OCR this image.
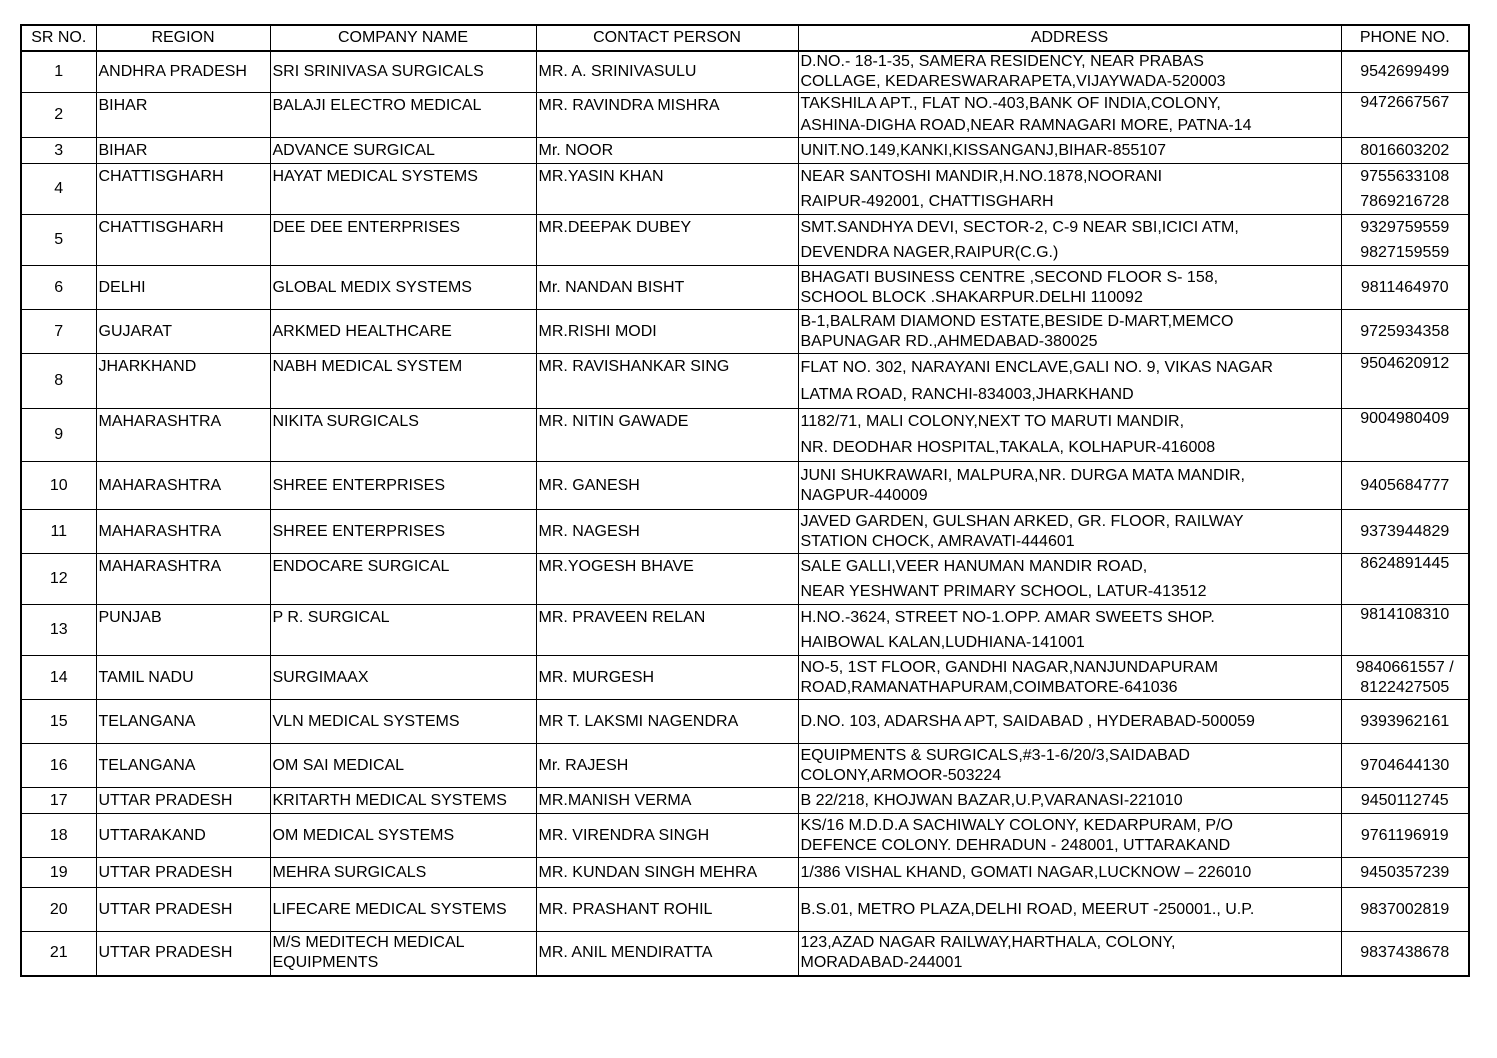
SR NO.	REGION	COMPANY NAME	CONTACT PERSON	ADDRESS	PHONE NO.
1	ANDHRA PRADESH	SRI SRINIVASA SURGICALS	MR. A. SRINIVASULU	D.NO.- 18-1-35, SAMERA RESIDENCY, NEAR PRABAS
COLLAGE, KEDARESWARARAPETA,VIJAYWADA-520003	9542699499

2	BIHAR	BALAJI ELECTRO MEDICAL	MR. RAVINDRA MISHRA	TAKSHILA APT., FLAT NO.-403,BANK OF INDIA,COLONY,
ASHINA-DIGHA ROAD,NEAR RAMNAGARI MORE, PATNA-14	9472667567

3	BIHAR	ADVANCE SURGICAL	Mr. NOOR	UNIT.NO.149,KANKI,KISSANGANJ,BIHAR-855107	8016603202

4	CHATTISGHARH	HAYAT MEDICAL SYSTEMS	MR.YASIN KHAN	NEAR SANTOSHI MANDIR,H.NO.1878,NOORANI
RAIPUR-492001, CHATTISGHARH	9755633108
7869216728

5	CHATTISGHARH	DEE DEE ENTERPRISES	MR.DEEPAK DUBEY	SMT.SANDHYA DEVI, SECTOR-2, C-9 NEAR SBI,ICICI ATM,
DEVENDRA NAGER,RAIPUR(C.G.)	9329759559
9827159559

6	DELHI	GLOBAL MEDIX SYSTEMS	Mr. NANDAN BISHT	BHAGATI BUSINESS CENTRE ,SECOND FLOOR S- 158,
SCHOOL BLOCK .SHAKARPUR.DELHI 110092	9811464970

7	GUJARAT	ARKMED HEALTHCARE	MR.RISHI MODI	B-1,BALRAM DIAMOND ESTATE,BESIDE D-MART,MEMCO
BAPUNAGAR RD.,AHMEDABAD-380025	9725934358

8	JHARKHAND	NABH MEDICAL SYSTEM	MR. RAVISHANKAR SING	FLAT NO. 302, NARAYANI ENCLAVE,GALI NO. 9, VIKAS NAGAR
LATMA ROAD, RANCHI-834003,JHARKHAND	9504620912

9	MAHARASHTRA	NIKITA SURGICALS	MR. NITIN GAWADE	1182/71, MALI COLONY,NEXT TO MARUTI MANDIR,
NR. DEODHAR HOSPITAL,TAKALA, KOLHAPUR-416008	9004980409

10	MAHARASHTRA	SHREE ENTERPRISES	MR. GANESH	JUNI SHUKRAWARI, MALPURA,NR. DURGA MATA MANDIR,
NAGPUR-440009	9405684777

11	MAHARASHTRA	SHREE ENTERPRISES	MR. NAGESH	JAVED GARDEN, GULSHAN ARKED, GR. FLOOR, RAILWAY
STATION CHOCK, AMRAVATI-444601	9373944829

12	MAHARASHTRA	ENDOCARE SURGICAL	MR.YOGESH BHAVE	SALE GALLI,VEER HANUMAN MANDIR ROAD,
NEAR YESHWANT PRIMARY SCHOOL, LATUR-413512	8624891445

13	PUNJAB	P R. SURGICAL	MR. PRAVEEN RELAN	H.NO.-3624, STREET NO-1.OPP. AMAR SWEETS SHOP.
HAIBOWAL KALAN,LUDHIANA-141001	9814108310

14	TAMIL NADU	SURGIMAAX	MR. MURGESH	NO-5, 1ST FLOOR, GANDHI NAGAR,NANJUNDAPURAM
ROAD,RAMANATHAPURAM,COIMBATORE-641036	9840661557 /
8122427505

15	TELANGANA	VLN MEDICAL SYSTEMS	MR T. LAKSMI NAGENDRA	D.NO. 103, ADARSHA APT, SAIDABAD , HYDERABAD-500059	9393962161

16	TELANGANA	OM SAI MEDICAL	Mr. RAJESH	EQUIPMENTS & SURGICALS,#3-1-6/20/3,SAIDABAD
COLONY,ARMOOR-503224	9704644130

17	UTTAR PRADESH	KRITARTH MEDICAL SYSTEMS	MR.MANISH VERMA	B 22/218, KHOJWAN BAZAR,U.P,VARANASI-221010	9450112745

18	UTTARAKAND	OM MEDICAL SYSTEMS	MR. VIRENDRA SINGH	KS/16 M.D.D.A SACHIWALY COLONY, KEDARPURAM, P/O
DEFENCE COLONY. DEHRADUN - 248001, UTTARAKAND	9761196919

19	UTTAR PRADESH	MEHRA SURGICALS	MR. KUNDAN SINGH MEHRA	1/386 VISHAL KHAND, GOMATI NAGAR,LUCKNOW – 226010	9450357239

20	UTTAR PRADESH	LIFECARE MEDICAL SYSTEMS	MR. PRASHANT ROHIL	B.S.01, METRO PLAZA,DELHI ROAD, MEERUT -250001., U.P.	9837002819

21	UTTAR PRADESH	M/S MEDITECH MEDICAL EQUIPMENTS	MR. ANIL MENDIRATTA	123,AZAD NAGAR RAILWAY,HARTHALA, COLONY,
MORADABAD-244001	9837438678
